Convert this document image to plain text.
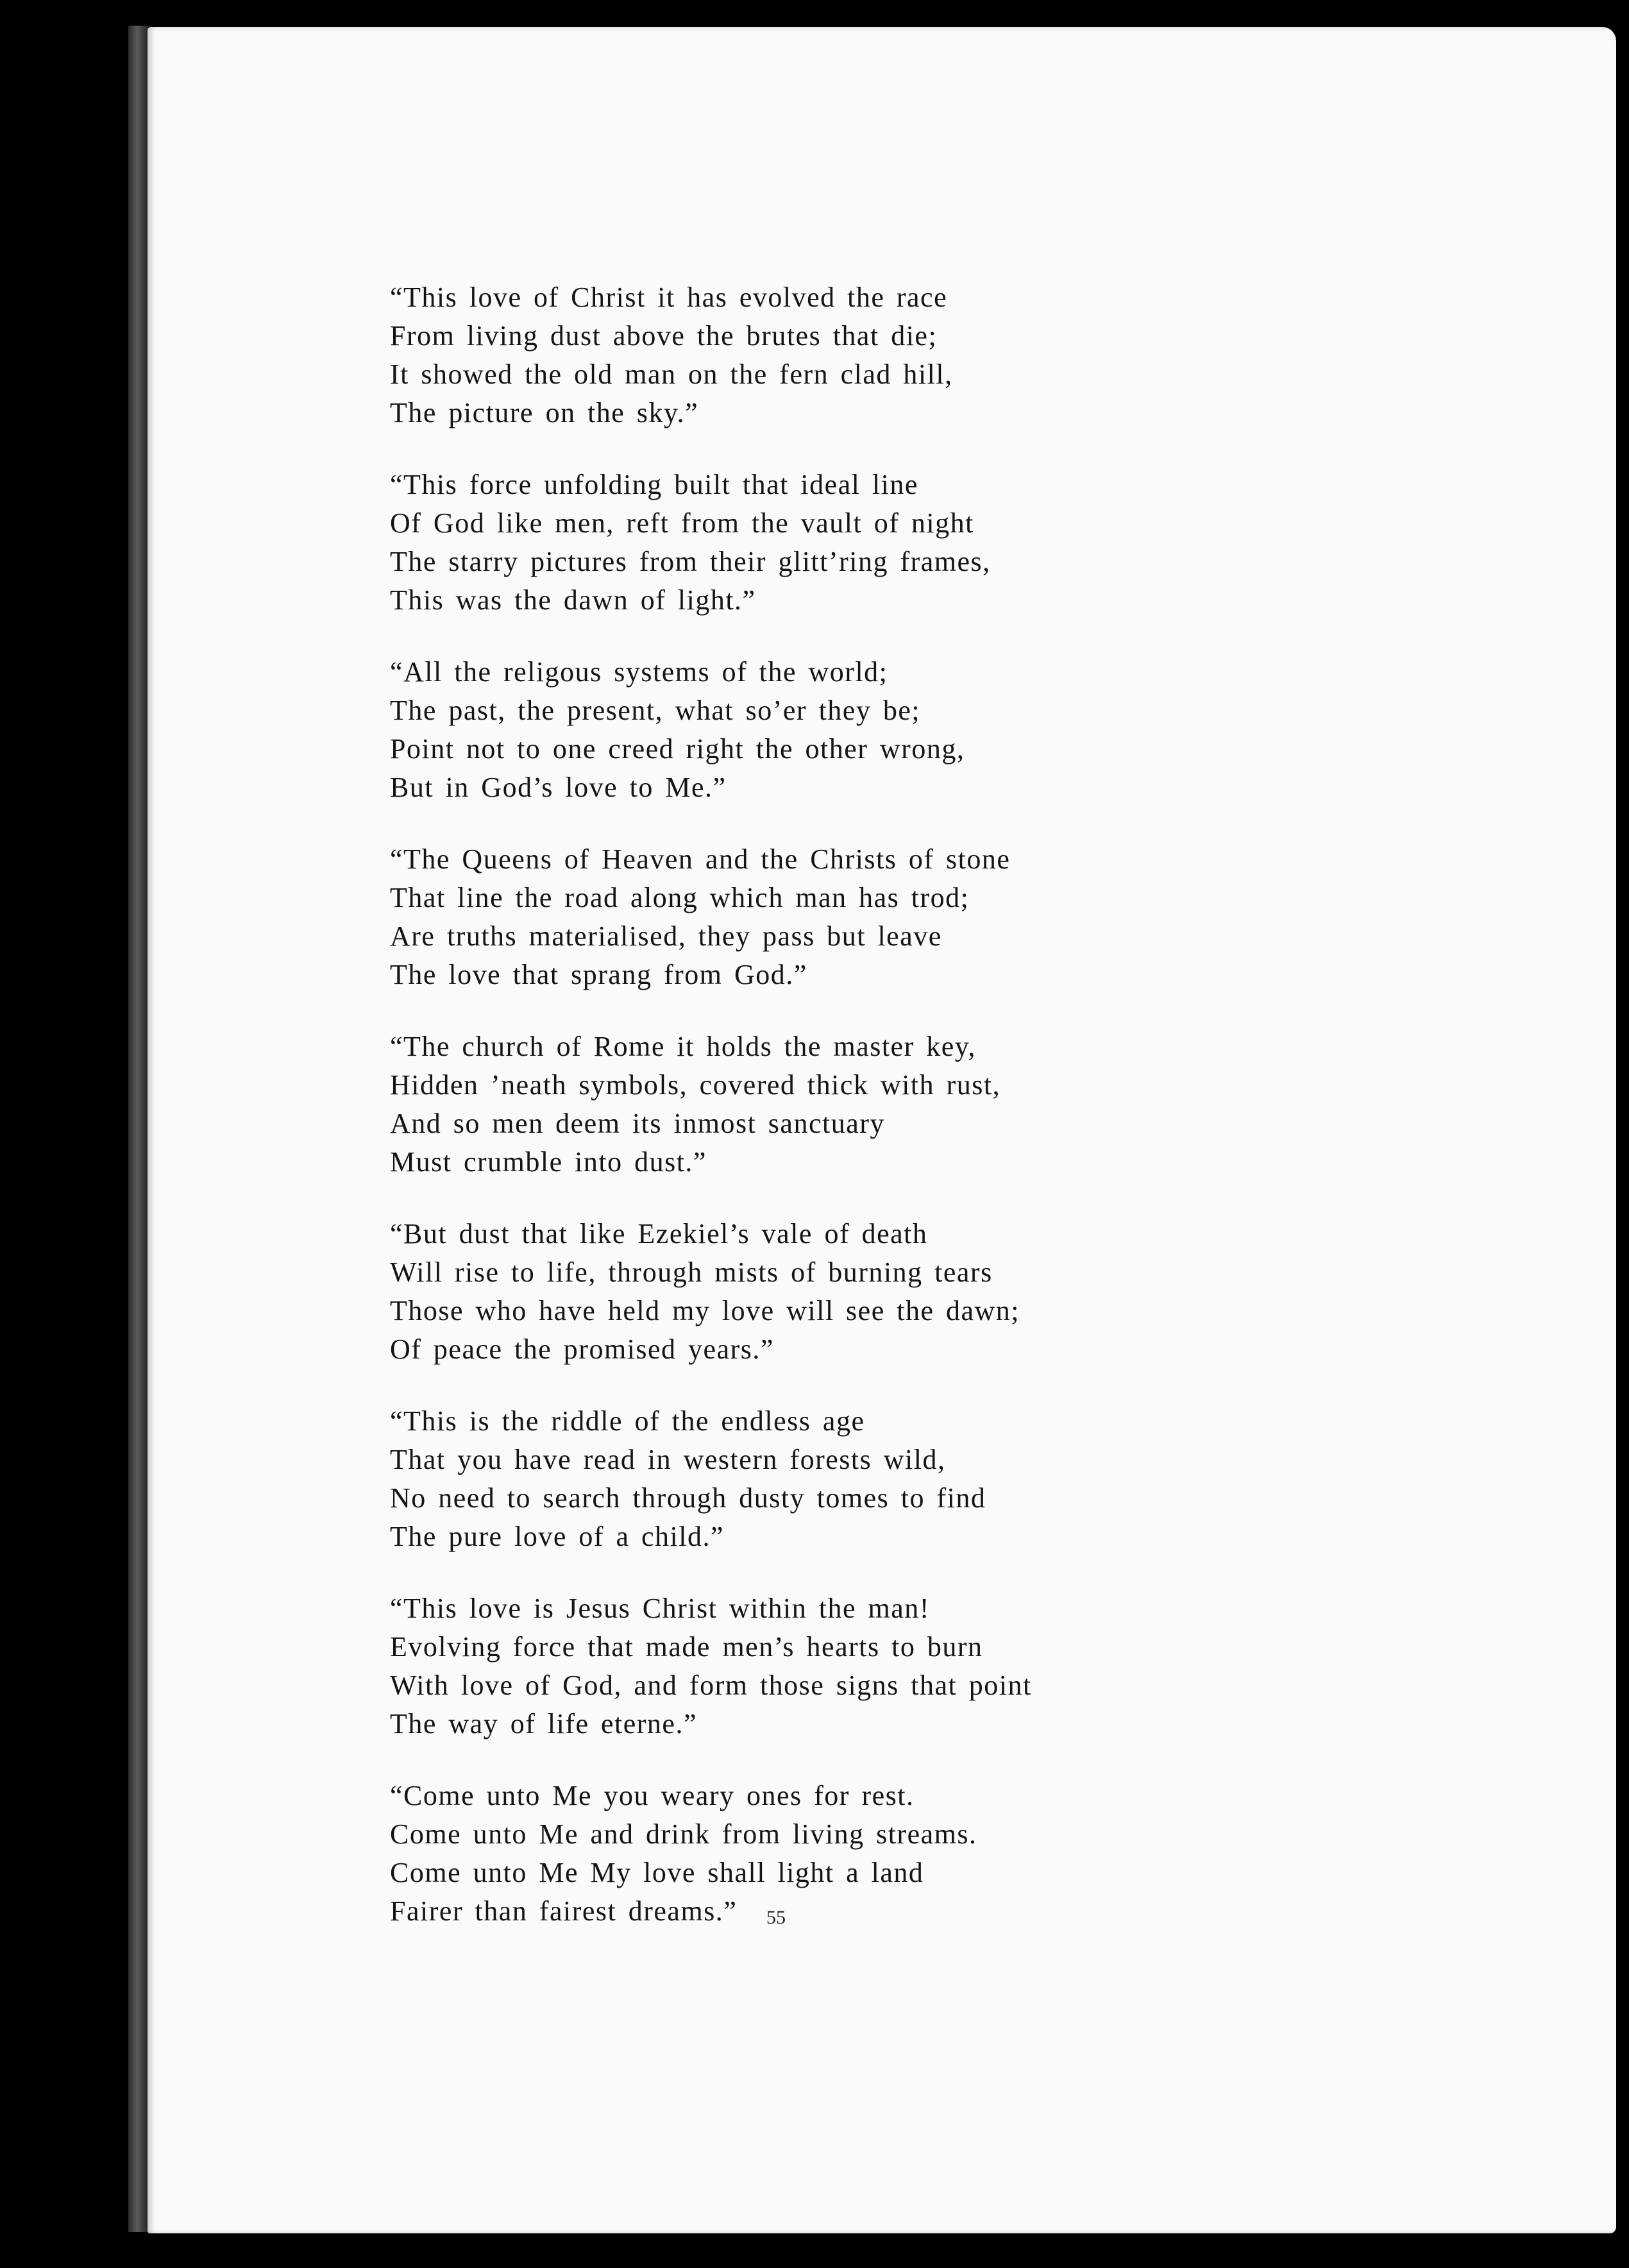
“This love of Christ it has evolved the race
From living dust above the brutes that die;
It showed the old man on the fern clad hill,
The picture on the sky.”
“This force unfolding built that ideal line
Of God like men, reft from the vault of night
The starry pictures from their glitt’ring frames,
This was the dawn of light.”
“All the religous systems of the world;
The past, the present, what so’er they be;
Point not to one creed right the other wrong,
But in God’s love to Me.”
“The Queens of Heaven and the Christs of stone
That line the road along which man has trod;
Are truths materialised, they pass but leave
The love that sprang from God.”
“The church of Rome it holds the master key,
Hidden ’neath symbols, covered thick with rust,
And so men deem its inmost sanctuary
Must crumble into dust.”
“But dust that like Ezekiel’s vale of death
Will rise to life, through mists of burning tears
Those who have held my love will see the dawn;
Of peace the promised years.”
“This is the riddle of the endless age
That you have read in western forests wild,
No need to search through dusty tomes to find
The pure love of a child.”
“This love is Jesus Christ within the man!
Evolving force that made men’s hearts to burn
With love of God, and form those signs that point
The way of life eterne.”
“Come unto Me you weary ones for rest.
Come unto Me and drink from living streams.
Come unto Me My love shall light a land
Fairer than fairest dreams.”	55
